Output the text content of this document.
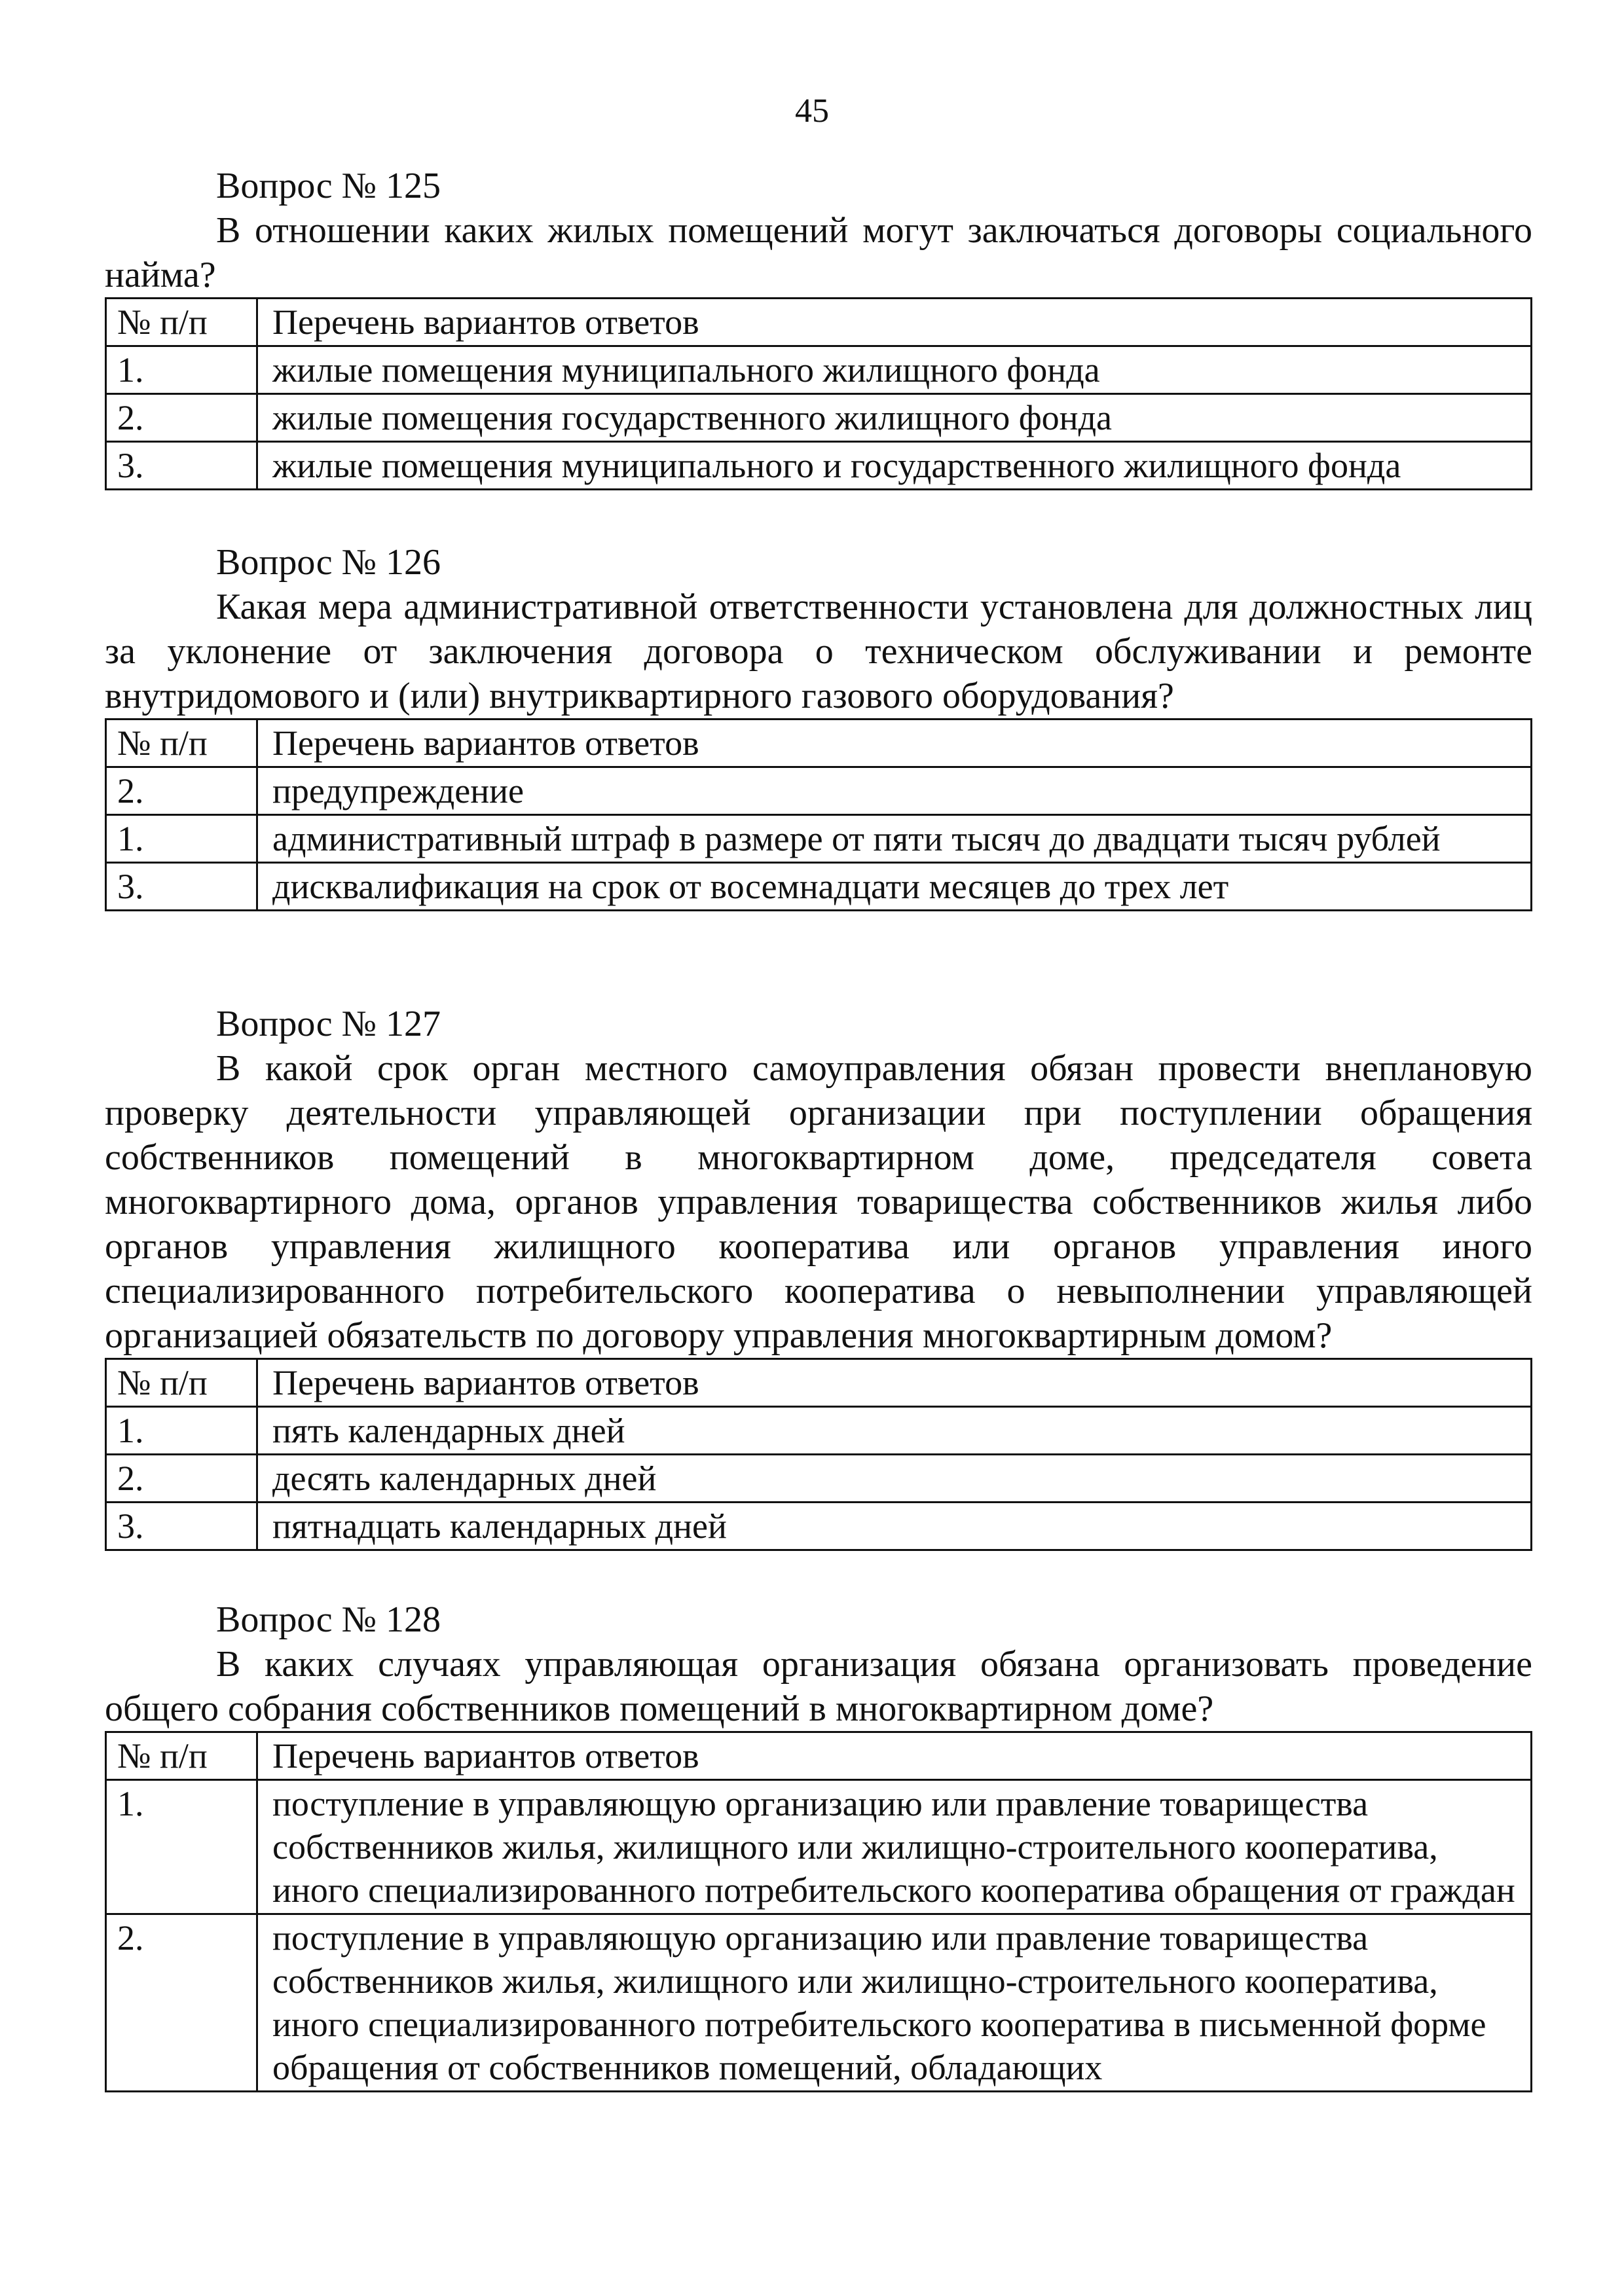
45
Вопрос № 125

В отношении каких жилых помещений могут заключаться договоры социального найма?

№ п/п	Перечень вариантов ответов
1.	жилые помещения муниципального жилищного фонда
2.	жилые помещения государственного жилищного фонда
3.	жилые помещения муниципального и государственного жилищного фонда
Вопрос № 126

Какая мера административной ответственности установлена для должностных лиц за уклонение от заключения договора о техническом обслуживании и ремонте внутридомового и (или) внутриквартирного газового оборудования?

№ п/п	Перечень вариантов ответов
2.	предупреждение
1.	административный штраф в размере от пяти тысяч до двадцати тысяч рублей
3.	дисквалификация на срок от восемнадцати месяцев до трех лет
Вопрос № 127

В какой срок орган местного самоуправления обязан провести внеплановую проверку деятельности управляющей организации при поступлении обращения собственников помещений в многоквартирном доме, председателя совета многоквартирного дома, органов управления товарищества собственников жилья либо органов управления жилищного кооператива или органов управления иного специализированного потребительского кооператива о невыполнении управляющей организацией обязательств по договору управления многоквартирным домом?

№ п/п	Перечень вариантов ответов
1.	пять календарных дней
2.	десять календарных дней
3.	пятнадцать календарных дней
Вопрос № 128

В каких случаях управляющая организация обязана организовать проведение общего собрания собственников помещений в многоквартирном доме?

№ п/п	Перечень вариантов ответов
1.	поступление в управляющую организацию или правление товарищества собственников жилья, жилищного или жилищно-строительного кооператива, иного специализированного потребительского кооператива обращения от граждан
2.	поступление в управляющую организацию или правление товарищества собственников жилья, жилищного или жилищно-строительного кооператива, иного специализированного потребительского кооператива в письменной форме обращения от собственников помещений, обладающих
